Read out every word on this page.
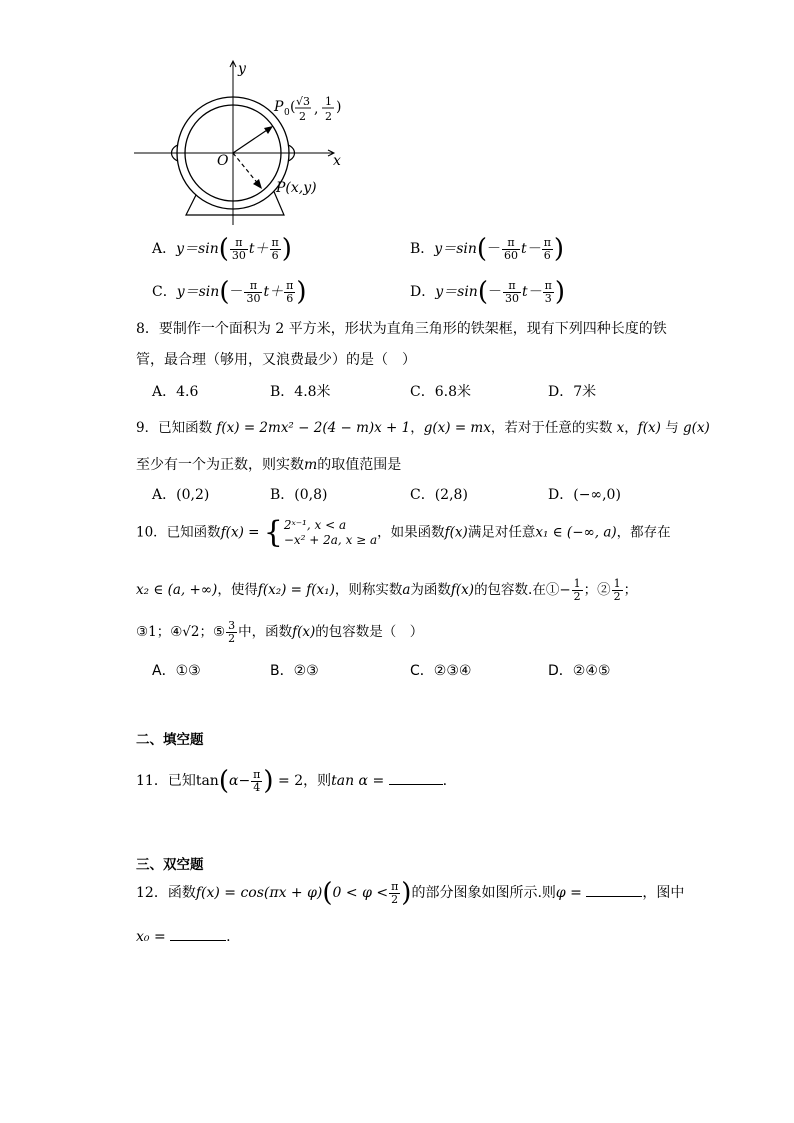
y
x
O
P 0 ( √3
2 , 1
2
)
P(x,y)
A．$y=\sin( \frac{\pi}{30} t+ \frac{\pi}{6}$ )	B．$y=\sin(- \frac{\pi}{60} t- \frac{\pi}{6}$ )
C．$y=\sin(- \frac{\pi}{30} t+ \frac{\pi}{6}$ )	D．$y=\sin(- \frac{\pi}{30} t- \frac{\pi}{3}$ )
8．要制作一个面积为 2 平方米，形状为直角三角形的铁架框，现有下列四种长度的铁
管，最合理（够用，又浪费最少）的是（　）
A．4.6	B．4.8米	C．6.8米	D．7米
9．已知函数 f(x) = 2mx² − 2(4 − m)x + 1，g(x) = mx，若对于任意的实数 x，f(x) 与 g(x)
至少有一个为正数，则实数m的取值范围是
A．(0,2)	B．(0,8)	C．(2,8)	D．(−∞,0)
10．已知函数f(x) = { 2ˣ⁻¹, x < a
−x² + 2a, x ≥ a ，如果函数f(x)满足对任意x₁ ∈ (−∞, a)，都存在
x₂ ∈ (a, +∞)，使得f(x₂) = f(x₁)，则称实数a为函数f(x)的包容数.在①− $\frac{1}{2}$ ；② $\frac{1}{2}$ ；
③1；④√2；⑤ $\frac{3}{2}$ 中，函数f(x)的包容数是（　）
A．①③	B．②③	C．②③④	D．②④⑤
二、填空题
11．已知$\tan(\alpha- \frac{\pi}{4}$ ) = 2，则tan α =	.
三、双空题
12．函数$f(x) = \cos(\pi x + \varphi)(0 < \varphi < \frac{\pi}{2}$ )的部分图象如图所示.则φ =	，图中
x₀ =	.
